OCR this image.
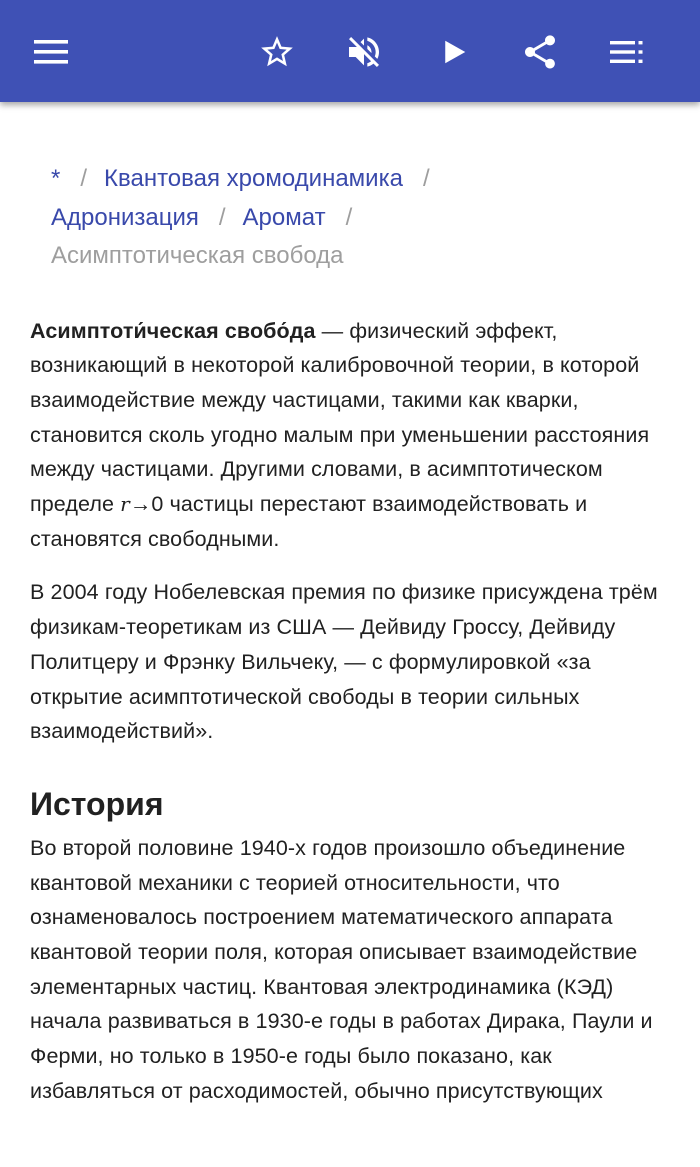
* / Квантовая хромодинамика /
Адронизация / Аромат /
Асимптотическая свобода

Асимптоти́ческая свобо́да — физический эффект, возникающий в некоторой калибровочной теории, в которой взаимодействие между частицами, такими как кварки, становится сколь угодно малым при уменьшении расстояния между частицами. Другими словами, в асимптотическом пределе r→0 частицы перестают взаимодействовать и становятся свободными.

В 2004 году Нобелевская премия по физике присуждена трём физикам-теоретикам из США — Дейвиду Гроссу, Дейвиду Политцеру и Фрэнку Вильчеку, — с формулировкой «за открытие асимптотической свободы в теории сильных взаимодействий».

История

Во второй половине 1940-х годов произошло объединение квантовой механики с теорией относительности, что ознаменовалось построением математического аппарата квантовой теории поля, которая описывает взаимодействие элементарных частиц. Квантовая электродинамика (КЭД) начала развиваться в 1930-е годы в работах Дирака, Паули и Ферми, но только в 1950-е годы было показано, как избавляться от расходимостей, обычно присутствующих
